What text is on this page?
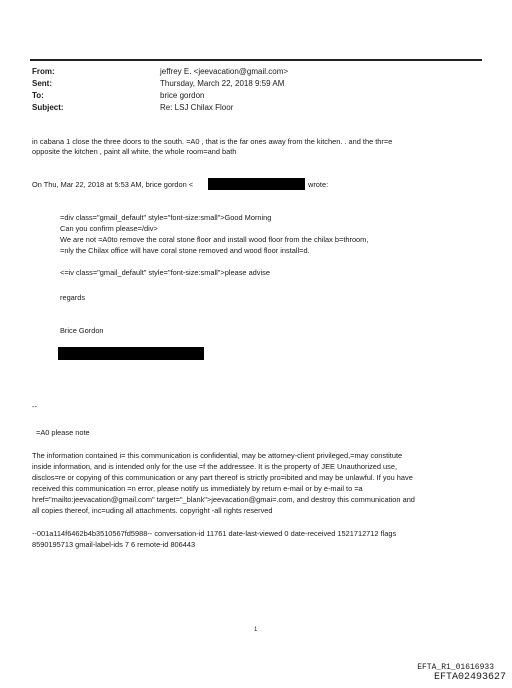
From:	jeffrey E. <jeevacation@gmail.com>
Sent:	Thursday, March 22, 2018 9:59 AM
To:	brice gordon
Subject:	Re: LSJ Chilax Floor
in cabana 1 close the three doors to the south. =A0 , that is the far ones away from the kitchen. . and the thr=e
opposite the kitchen , paint all white. the whole room=and bath
On Thu, Mar 22, 2018 at 5:53 AM, brice gordon <	wrote:
=div class="gmail_default" style="font-size:small">Good Morning
Can you confirm please=/div>
We are not =A0to remove the coral stone floor and install wood floor from the chilax b=throom,
=nly the Chilax office will have coral stone removed and wood floor install=d.
<=iv class="gmail_default" style="font-size:small">please advise
regards
Brice Gordon
--
=A0 please note
The information contained i= this communication is confidential, may be attorney-client privileged,=may constitute
inside information, and is intended only for the use =f the addressee. It is the property of JEE Unauthorized use,
disclos=re or copying of this communication or any part thereof is strictly pro=ibited and may be unlawful. If you have
received this communication =n error, please notify us immediately by return e-mail or by e-mail to =a
href="mailto:jeevacation@gmail.com" target="_blank">jeevacation@gmai=.com, and destroy this communication and
all copies thereof, inc=uding all attachments. copyright -all rights reserved
--001a114f6462b4b3510567fd5988-- conversation-id 11761 date-last-viewed 0 date-received 1521712712 flags
8590195713 gmail-label-ids 7 6 remote-id 806443
1
EFTA_R1_01616933
EFTA02493627
